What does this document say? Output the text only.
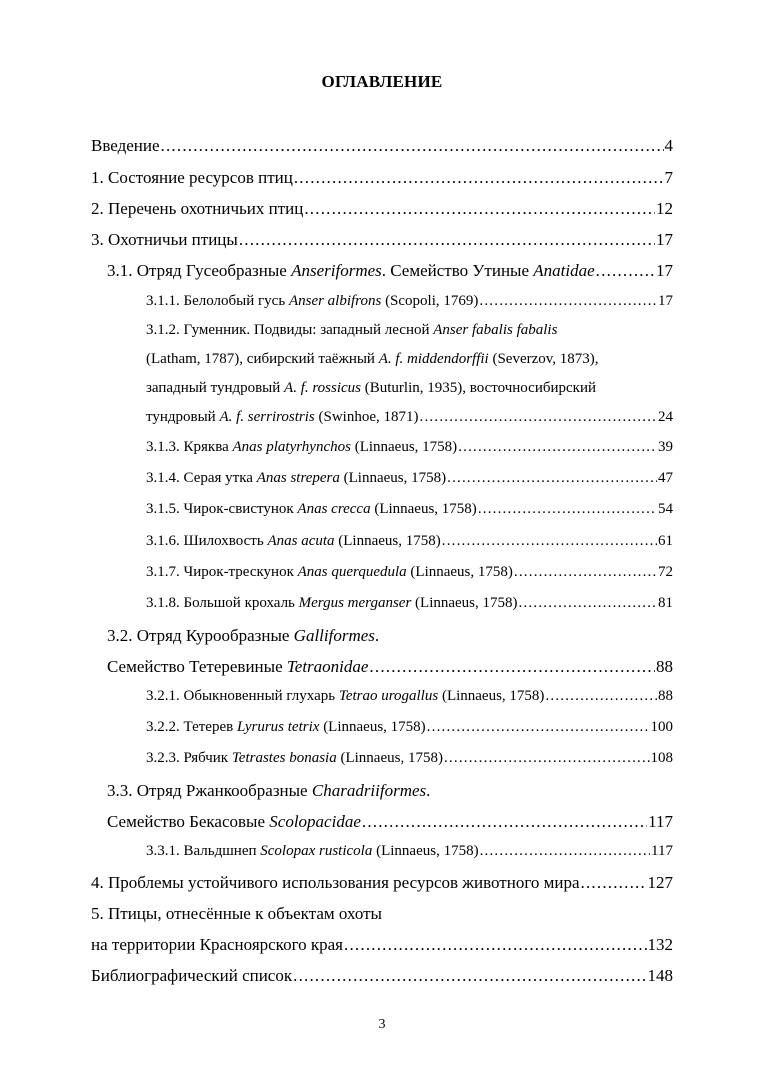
ОГЛАВЛЕНИЕ
Введение .....	4
1. Состояние ресурсов птиц .....	7
2. Перечень охотничьих птиц .....	12
3. Охотничьи птицы .....	17
3.1. Отряд Гусеобразные Anseriformes. Семейство Утиные Anatidae .....	17
3.1.1. Белолобый гусь Anser albifrons (Scopoli, 1769) .....	17
3.1.2. Гуменник. Подвиды: западный лесной Anser fabalis fabalis
(Latham, 1787), сибирский таёжный A. f. middendorffii (Severzov, 1873),
западный тундровый A. f. rossicus (Buturlin, 1935), восточносибирский
тундровый A. f. serrirostris (Swinhoe, 1871) .....	24
3.1.3. Кряква Anas platyrhynchos (Linnaeus, 1758) .....	39
3.1.4. Серая утка Anas strepera (Linnaeus, 1758) .....	47
3.1.5. Чирок-свистунок Anas crecca (Linnaeus, 1758) .....	54
3.1.6. Шилохвость Anas acuta (Linnaeus, 1758) .....	61
3.1.7. Чирок-трескунок Anas querquedula (Linnaeus, 1758) .....	72
3.1.8. Большой крохаль Mergus merganser (Linnaeus, 1758) .....	81
3.2. Отряд Курообразные Galliformes.
Семейство Тетеревиные Tetraonidae .....	88
3.2.1. Обыкновенный глухарь Tetrao urogallus (Linnaeus, 1758) .....	88
3.2.2. Тетерев Lyrurus tetrix (Linnaeus, 1758) .....	100
3.2.3. Рябчик Tetrastes bonasia (Linnaeus, 1758) .....	108
3.3. Отряд Ржанкообразные Charadriiformes.
Семейство Бекасовые Scolopacidae .....	117
3.3.1. Вальдшнеп Scolopax rusticola (Linnaeus, 1758) .....	117
4. Проблемы устойчивого использования ресурсов животного мира .....	127
5. Птицы, отнесённые к объектам охоты
на территории Красноярского края .....	132
Библиографический список .....	148
3
